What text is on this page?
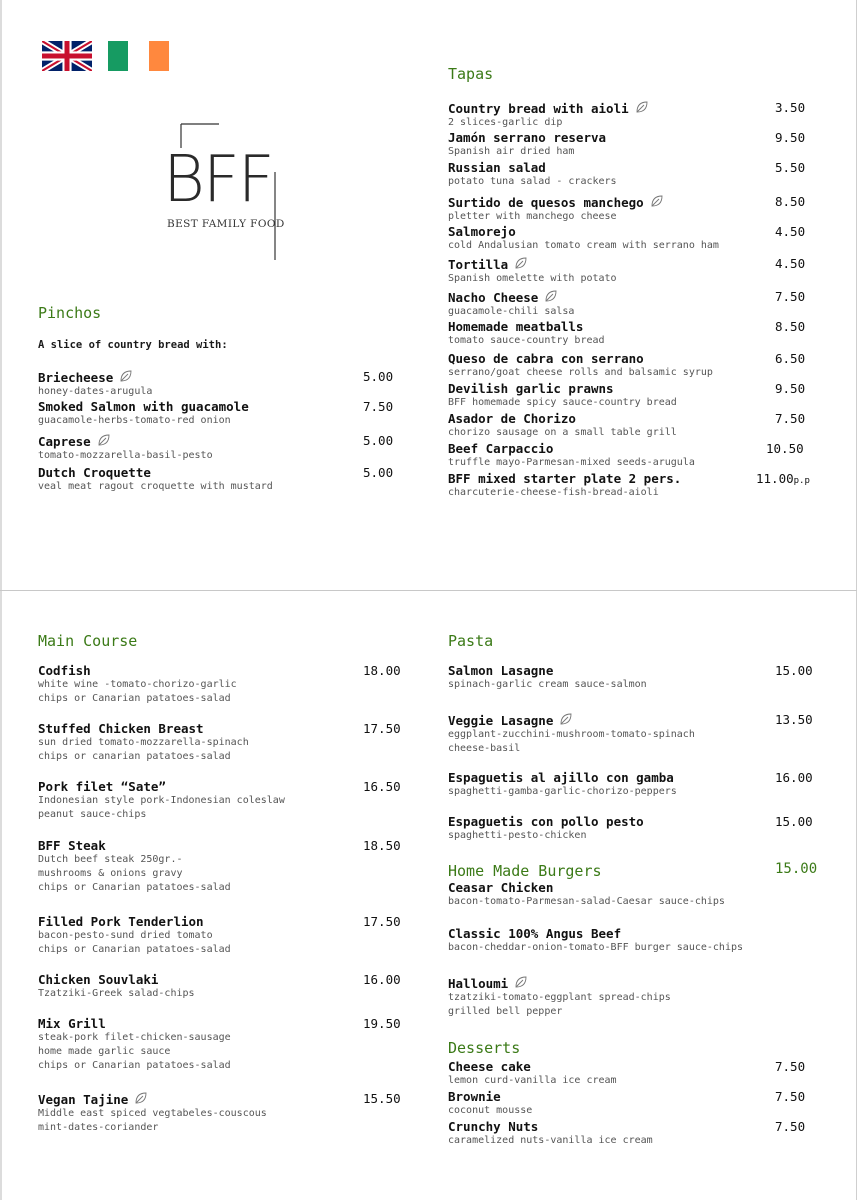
BFF
BEST FAMILY FOOD
Pinchos
A slice of country bread with:
Briecheese
honey-dates-arugula
5.00
Smoked Salmon with guacamole
guacamole-herbs-tomato-red onion
7.50
Caprese
tomato-mozzarella-basil-pesto
5.00
Dutch Croquette
veal meat ragout croquette with mustard
5.00
Tapas
Country bread with aioli
2 slices-garlic dip
3.50
Jamón serrano reserva
Spanish air dried ham
9.50
Russian salad
potato tuna salad - crackers
5.50
Surtido de quesos manchego
pletter with manchego cheese
8.50
Salmorejo
cold Andalusian tomato cream with serrano ham
4.50
Tortilla
Spanish omelette with potato
4.50
Nacho Cheese
guacamole-chili salsa
7.50
Homemade meatballs
tomato sauce-country bread
8.50
Queso de cabra con serrano
serrano/goat cheese rolls and balsamic syrup
6.50
Devilish garlic prawns
BFF homemade spicy sauce-country bread
9.50
Asador de Chorizo
chorizo sausage on a small table grill
7.50
Beef Carpaccio
truffle mayo-Parmesan-mixed seeds-arugula
10.50
BFF mixed starter plate 2 pers.
charcuterie-cheese-fish-bread-aioli
11.00p.p
Main Course
Codfish
white wine -tomato-chorizo-garlic
chips or Canarian patatoes-salad
18.00
Stuffed Chicken Breast
sun dried tomato-mozzarella-spinach
chips or canarian patatoes-salad
17.50
Pork filet “Sate”
Indonesian style pork-Indonesian coleslaw
peanut sauce-chips
16.50
BFF Steak
Dutch beef steak 250gr.-
mushrooms & onions gravy
chips or Canarian patatoes-salad
18.50
Filled Pork Tenderlion
bacon-pesto-sund dried tomato
chips or Canarian patatoes-salad
17.50
Chicken Souvlaki
Tzatziki-Greek salad-chips
16.00
Mix Grill
steak-pork filet-chicken-sausage
home made garlic sauce
chips or Canarian patatoes-salad
19.50
Vegan Tajine
Middle east spiced vegtabeles-couscous
mint-dates-coriander
15.50
Pasta
Salmon Lasagne
spinach-garlic cream sauce-salmon
15.00
Veggie Lasagne
eggplant-zucchini-mushroom-tomato-spinach
cheese-basil
13.50
Espaguetis al ajillo con gamba
spaghetti-gamba-garlic-chorizo-peppers
16.00
Espaguetis con pollo pesto
spaghetti-pesto-chicken
15.00
Home Made Burgers	15.00
Ceasar Chicken
bacon-tomato-Parmesan-salad-Caesar sauce-chips
Classic 100% Angus Beef
bacon-cheddar-onion-tomato-BFF burger sauce-chips
Halloumi
tzatziki-tomato-eggplant spread-chips
grilled bell pepper
Desserts
Cheese cake
lemon curd-vanilla ice cream
7.50
Brownie
coconut mousse
7.50
Crunchy Nuts
caramelized nuts-vanilla ice cream
7.50
